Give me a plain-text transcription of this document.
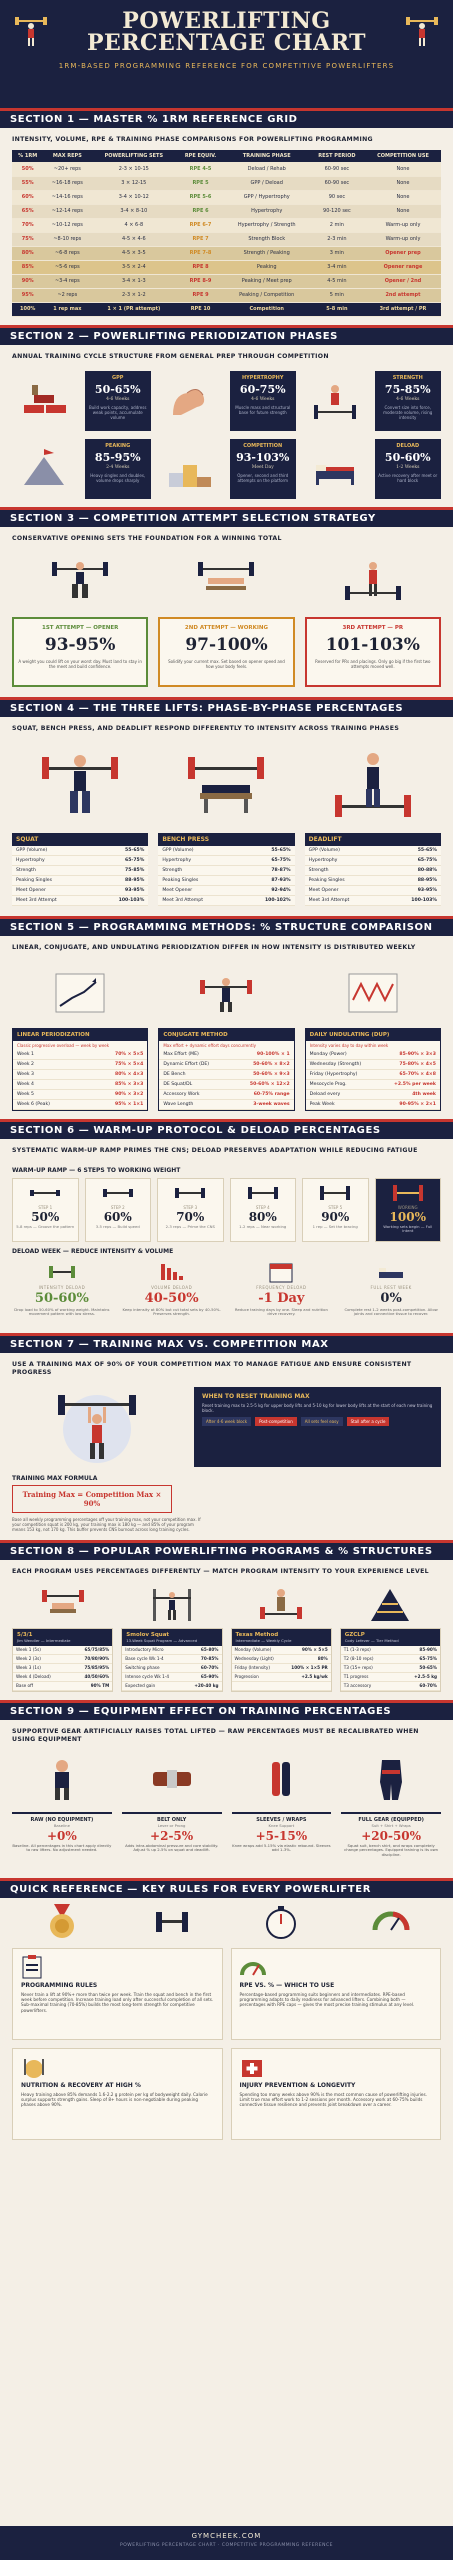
POWERLIFTING
PERCENTAGE CHART
1RM-BASED PROGRAMMING REFERENCE FOR COMPETITIVE POWERLIFTERS
SECTION 1 — MASTER % 1RM REFERENCE GRID
INTENSITY, VOLUME, RPE & TRAINING PHASE COMPARISONS FOR POWERLIFTING PROGRAMMING
% 1RM	MAX REPS	POWERLIFTING SETS	RPE EQUIV.	TRAINING PHASE	REST PERIOD	COMPETITION USE
50%	~20+ reps	2-3 × 10-15	RPE 4-5	Deload / Rehab	60-90 sec	None
55%	~16-18 reps	3 × 12-15	RPE 5	GPP / Deload	60-90 sec	None
60%	~14-16 reps	3-4 × 10-12	RPE 5-6	GPP / Hypertrophy	90 sec	None
65%	~12-14 reps	3-4 × 8-10	RPE 6	Hypertrophy	90-120 sec	None
70%	~10-12 reps	4 × 6-8	RPE 6-7	Hypertrophy / Strength	2 min	Warm-up only
75%	~8-10 reps	4-5 × 4-6	RPE 7	Strength Block	2-3 min	Warm-up only
80%	~6-8 reps	4-5 × 3-5	RPE 7-8	Strength / Peaking	3 min	Opener prep
85%	~5-6 reps	3-5 × 2-4	RPE 8	Peaking	3-4 min	Opener range
90%	~3-4 reps	3-4 × 1-3	RPE 8-9	Peaking / Meet prep	4-5 min	Opener / 2nd
95%	~2 reps	2-3 × 1-2	RPE 9	Peaking / Competition	5 min	2nd attempt
100%	1 rep max	1 × 1 (PR attempt)	RPE 10	Competition	5-8 min	3rd attempt / PR
SECTION 2 — POWERLIFTING PERIODIZATION PHASES
ANNUAL TRAINING CYCLE STRUCTURE FROM GENERAL PREP THROUGH COMPETITION
GPP
50-65%
4-6 Weeks
Build work capacity, address weak points, accumulate volume
HYPERTROPHY
60-75%
4-6 Weeks
Muscle mass and structural base for future strength
STRENGTH
75-85%
4-6 Weeks
Convert size into force, moderate volume, rising intensity
PEAKING
85-95%
2-4 Weeks
Heavy singles and doubles, volume drops sharply
COMPETITION
93-103%
Meet Day
Opener, second and third attempts on the platform
DELOAD
50-60%
1-2 Weeks
Active recovery after meet or hard block
SECTION 3 — COMPETITION ATTEMPT SELECTION STRATEGY
CONSERVATIVE OPENING SETS THE FOUNDATION FOR A WINNING TOTAL
1ST ATTEMPT — OPENER
93-95%
A weight you could lift on your worst day. Must land to stay in the meet and build confidence.
2ND ATTEMPT — WORKING
97-100%
Solidify your current max. Set based on opener speed and how your body feels.
3RD ATTEMPT — PR
101-103%
Reserved for PRs and placings. Only go big if the first two attempts moved well.
SECTION 4 — THE THREE LIFTS: PHASE-BY-PHASE PERCENTAGES
SQUAT, BENCH PRESS, AND DEADLIFT RESPOND DIFFERENTLY TO INTENSITY ACROSS TRAINING PHASES
SQUAT
GPP (Volume)	55-65%
Hypertrophy	65-75%
Strength	75-85%
Peaking Singles	88-95%
Meet Opener	93-95%
Meet 3rd Attempt	100-103%
BENCH PRESS
GPP (Volume)	55-65%
Hypertrophy	65-75%
Strength	78-87%
Peaking Singles	87-93%
Meet Opener	92-94%
Meet 3rd Attempt	100-102%
DEADLIFT
GPP (Volume)	55-65%
Hypertrophy	65-75%
Strength	80-88%
Peaking Singles	88-95%
Meet Opener	93-95%
Meet 3rd Attempt	100-103%
SECTION 5 — PROGRAMMING METHODS: % STRUCTURE COMPARISON
LINEAR, CONJUGATE, AND UNDULATING PERIODIZATION DIFFER IN HOW INTENSITY IS DISTRIBUTED WEEKLY
LINEAR PERIODIZATION
Classic progressive overload — week by week
Week 1	70% × 5×5
Week 2	75% × 5×4
Week 3	80% × 4×3
Week 4	85% × 3×3
Week 5	90% × 3×2
Week 6 (Peak)	95% × 1×1
CONJUGATE METHOD
Max effort + dynamic effort days concurrently
Max Effort (ME)	90-100% × 1
Dynamic Effort (DE)	50-60% × 8×2
DE Bench	50-60% × 9×3
DE Squat/DL	50-60% × 12×2
Accessory Work	60-75% range
Wave Length	3-week waves
DAILY UNDULATING (DUP)
Intensity varies day to day within week
Monday (Power)	85-90% × 3×3
Wednesday (Strength)	75-80% × 4×5
Friday (Hypertrophy)	65-70% × 4×8
Mesocycle Prog.	+2.5% per week
Deload every	4th week
Peak Week	90-95% × 2×1
SECTION 6 — WARM-UP PROTOCOL & DELOAD PERCENTAGES
SYSTEMATIC WARM-UP RAMP PRIMES THE CNS; DELOAD PRESERVES ADAPTATION WHILE REDUCING FATIGUE
WARM-UP RAMP — 6 STEPS TO WORKING WEIGHT
STEP 1
50%
5-8 reps — Groove the pattern
STEP 2
60%
3-5 reps — Build speed
STEP 3
70%
2-3 reps — Prime the CNS
STEP 4
80%
1-2 reps — Near working
STEP 5
90%
1 rep — Set the bracing
WORKING
100%
Working sets begin — Full intent
DELOAD WEEK — REDUCE INTENSITY & VOLUME
INTENSITY DELOAD
50-60%
Drop load to 50-60% of working weight. Maintains movement pattern with low stress.
VOLUME DELOAD
40-50%
Keep intensity at 80% but cut total sets by 40-50%. Preserves strength.
FREQUENCY DELOAD
-1 Day
Reduce training days by one. Sleep and nutrition drive recovery.
FULL REST WEEK
0%
Complete rest 1-2 weeks post-competition. Allow joints and connective tissue to recover.
SECTION 7 — TRAINING MAX VS. COMPETITION MAX
USE A TRAINING MAX OF 90% OF YOUR COMPETITION MAX TO MANAGE FATIGUE AND ENSURE CONSISTENT PROGRESS
WHEN TO RESET TRAINING MAX
Reset training max to 2.5-5 kg for upper body lifts and 5-10 kg for lower body lifts at the start of each new training block.
After 4-6 week block	Post-competition	All sets feel easy	Stall after a cycle
TRAINING MAX FORMULA
Training Max = Competition Max × 90%
Base all weekly programming percentages off your training max, not your competition max. If your competition squat is 200 kg, your training max is 180 kg — and 85% of your program means 153 kg, not 170 kg. This buffer prevents CNS burnout across long training cycles.
SECTION 8 — POPULAR POWERLIFTING PROGRAMS & % STRUCTURES
EACH PROGRAM USES PERCENTAGES DIFFERENTLY — MATCH PROGRAM INTENSITY TO YOUR EXPERIENCE LEVEL
5/3/1
Jim Wendler — Intermediate
Week 1 (5s)	65/75/85%
Week 2 (3s)	70/80/90%
Week 3 (1s)	75/85/95%
Week 4 (Deload)	40/50/60%
Base off	90% TM
Smolov Squat
13-Week Squat Program — Advanced
Introductory Micro	65-80%
Base cycle Wk 1-4	70-85%
Switching phase	60-70%
Intense cycle Wk 1-4	65-90%
Expected gain	+20-40 kg
Texas Method
Intermediate — Weekly Cycle
Monday (Volume)	90% × 5×5
Wednesday (Light)	80%
Friday (Intensity)	100% × 1×5 PR
Progression	+2.5 kg/wk
GZCLP
Cody Lefever — Tier Method
T1 (1-3 reps)	85-90%
T2 (8-10 reps)	65-75%
T3 (15+ reps)	50-65%
T1 progress	+2.5-5 kg
T3 accessory	60-70%
SECTION 9 — EQUIPMENT EFFECT ON TRAINING PERCENTAGES
SUPPORTIVE GEAR ARTIFICIALLY RAISES TOTAL LIFTED — RAW PERCENTAGES MUST BE RECALIBRATED WHEN USING EQUIPMENT
RAW (NO EQUIPMENT)
Baseline
+0%
Baseline. All percentages in this chart apply directly to raw lifters. No adjustment needed.
BELT ONLY
Lever or Prong
+2-5%
Adds intra-abdominal pressure and core stability. Adjust % up 2-5% on squat and deadlift.
SLEEVES / WRAPS
Knee Support
+5-15%
Knee wraps add 5-15% via elastic rebound. Sleeves add 1-3%.
FULL GEAR (EQUIPPED)
Suit + Shirt + Wraps
+20-50%
Squat suit, bench shirt, and wraps completely change percentages. Equipped training is its own discipline.
QUICK REFERENCE — KEY RULES FOR EVERY POWERLIFTER
PROGRAMMING RULES
Never train a lift at 90%+ more than twice per week. Train the squat and bench in the first week before competition. Increase training load only after successful completion of all sets. Sub-maximal training (70-85%) builds the most long-term strength for competitive powerlifters.
RPE VS. % — WHICH TO USE
Percentage-based programming suits beginners and intermediates. RPE-based programming adapts to daily readiness for advanced lifters. Combining both — percentages with RPE caps — gives the most precise training stimulus at any level.
NUTRITION & RECOVERY AT HIGH %
Heavy training above 85% demands 1.6-2.2 g protein per kg of bodyweight daily. Calorie surplus supports strength gains. Sleep of 8+ hours is non-negotiable during peaking phases above 90%.
INJURY PREVENTION & LONGEVITY
Spending too many weeks above 90% is the most common cause of powerlifting injuries. Limit true max effort work to 1-2 sessions per month. Accessory work at 60-75% builds connective tissue resilience and prevents joint breakdown over a career.
GYMCHEEK.COM
POWERLIFTING PERCENTAGE CHART · COMPETITIVE PROGRAMMING REFERENCE
